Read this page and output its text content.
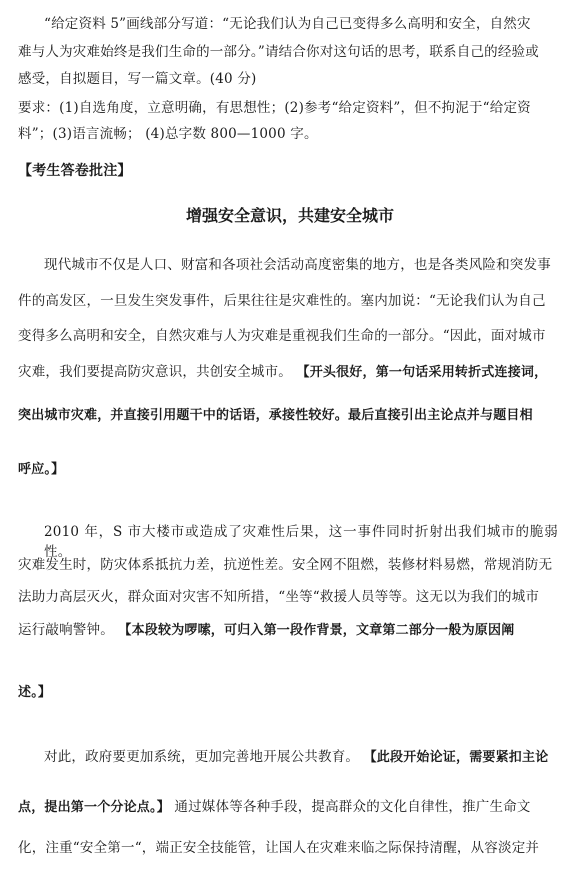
“给定资料 5”画线部分写道：“无论我们认为自己已变得多么高明和安全，自然灾
难与人为灾难始终是我们生命的一部分。”请结合你对这句话的思考，联系自己的经验或
感受，自拟题目，写一篇文章。(40 分)
要求：(1)自选角度，立意明确，有思想性；(2)参考“给定资料”，但不拘泥于“给定资
料”；(3)语言流畅； (4)总字数 800—1000 字。
【考生答卷批注】
增强安全意识，共建安全城市
现代城市不仅是人口、财富和各项社会活动高度密集的地方，也是各类风险和突发事
件的高发区，一旦发生突发事件，后果往往是灾难性的。塞内加说：“无论我们认为自己
变得多么高明和安全，自然灾难与人为灾难是重视我们生命的一部分。“因此，面对城市
灾难，我们要提高防灾意识，共创安全城市。 【开头很好，第一句话采用转折式连接词，
突出城市灾难，并直接引用题干中的话语，承接性较好。最后直接引出主论点并与题目相
呼应。】
2010 年，S 市大楼市或造成了灾难性后果，这一事件同时折射出我们城市的脆弱性。
灾难发生时，防灾体系抵抗力差，抗逆性差。安全网不阻燃，装修材料易燃，常规消防无
法助力高层灭火，群众面对灾害不知所措，“坐等“救援人员等等。这无以为我们的城市
运行敲响警钟。 【本段较为啰嗦，可归入第一段作背景，文章第二部分一般为原因阐
述。】
对此，政府要更加系统，更加完善地开展公共教育。 【此段开始论证，需要紧扣主论
点，提出第一个分论点。】 通过媒体等各种手段，提高群众的文化自律性，推广生命文
化，注重“安全第一“，端正安全技能管，让国人在灾难来临之际保持清醒，从容淡定并
